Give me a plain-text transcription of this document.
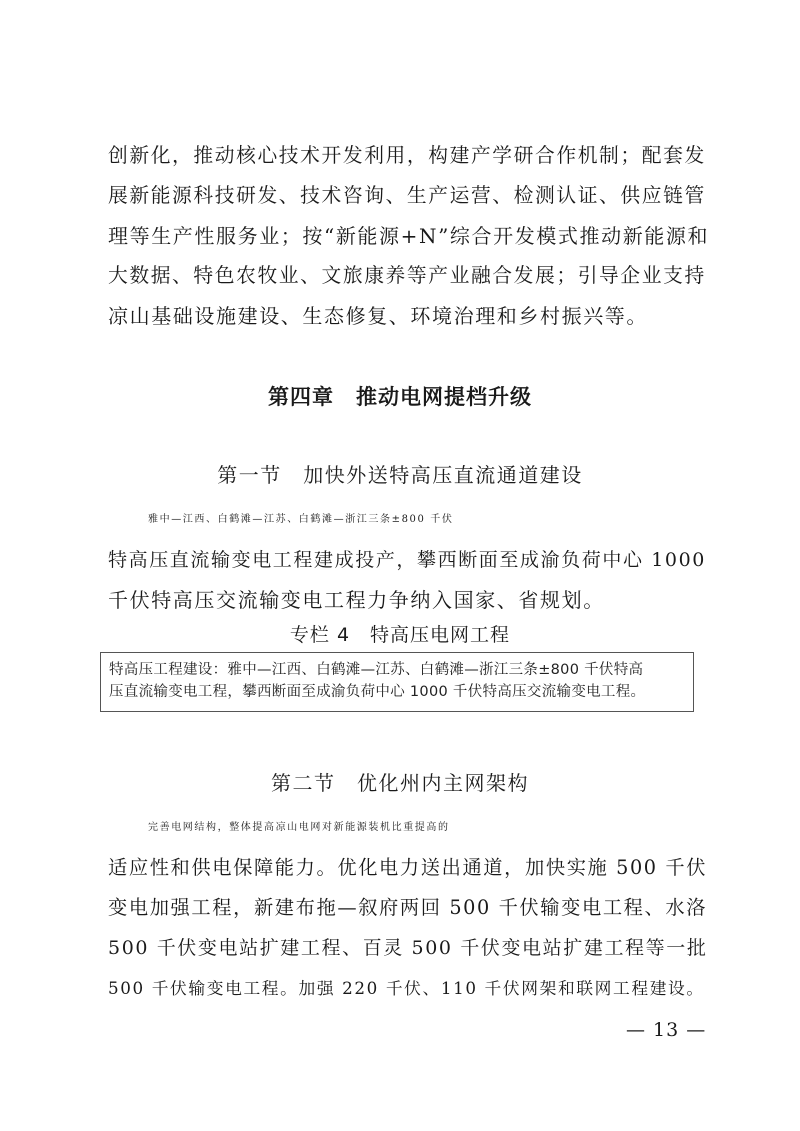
创新化，推动核心技术开发利用，构建产学研合作机制；配套发
展新能源科技研发、技术咨询、生产运营、检测认证、供应链管
理等生产性服务业；按“新能源+N”综合开发模式推动新能源和
大数据、特色农牧业、文旅康养等产业融合发展；引导企业支持
凉山基础设施建设、生态修复、环境治理和乡村振兴等。
第四章　推动电网提档升级
第一节　加快外送特高压直流通道建设
雅中—江西、白鹤滩—江苏、白鹤滩—浙江三条±800 千伏
特高压直流输变电工程建成投产，攀西断面至成渝负荷中心 1000
千伏特高压交流输变电工程力争纳入国家、省规划。
专栏 4　特高压电网工程
特高压工程建设：雅中—江西、白鹤滩—江苏、白鹤滩—浙江三条±800 千伏特高
压直流输变电工程，攀西断面至成渝负荷中心 1000 千伏特高压交流输变电工程。
第二节　优化州内主网架构
完善电网结构，整体提高凉山电网对新能源装机比重提高的
适应性和供电保障能力。优化电力送出通道，加快实施 500 千伏
变电加强工程，新建布拖—叙府两回 500 千伏输变电工程、水洛
500 千伏变电站扩建工程、百灵 500 千伏变电站扩建工程等一批
500 千伏输变电工程。加强 220 千伏、110 千伏网架和联网工程建设。
— 13 —
